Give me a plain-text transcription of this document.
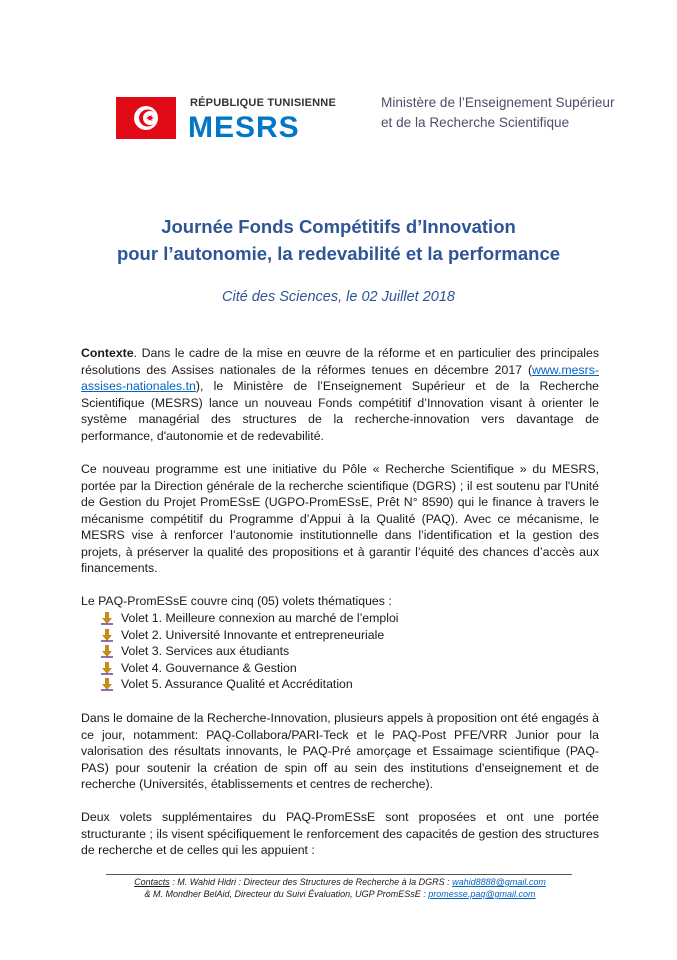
RÉPUBLIQUE TUNISIENNE
MESRS
Ministère de l’Enseignement Supérieur
et de la Recherche Scientifique
Journée Fonds Compétitifs d’Innovation
pour l’autonomie, la redevabilité et la performance
Cité des Sciences, le 02 Juillet 2018
Contexte. Dans le cadre de la mise en œuvre de la réforme et en particulier des principales résolutions des Assises nationales de la réformes tenues en décembre 2017 (www.mesrs-assises-nationales.tn), le Ministère de l’Enseignement Supérieur et de la Recherche Scientifique (MESRS) lance un nouveau Fonds compétitif d’Innovation visant à orienter le système managérial des structures de la recherche-innovation vers davantage de performance, d'autonomie et de redevabilité.
Ce nouveau programme est une initiative du Pôle « Recherche Scientifique » du MESRS, portée par la Direction générale de la recherche scientifique (DGRS) ; il est soutenu par l'Unité de Gestion du Projet PromESsE (UGPO-PromESsE, Prêt N° 8590) qui le finance à travers le mécanisme compétitif du Programme d’Appui à la Qualité (PAQ). Avec ce mécanisme, le MESRS vise à renforcer l’autonomie institutionnelle dans l’identification et la gestion des projets, à préserver la qualité des propositions et à garantir l’équité des chances d’accès aux financements.
Le PAQ-PromESsE couvre cinq (05) volets thématiques :
Volet 1. Meilleure connexion au marché de l’emploi
Volet 2. Université Innovante et entrepreneuriale
Volet 3. Services aux étudiants
Volet 4. Gouvernance & Gestion
Volet 5. Assurance Qualité et Accréditation
Dans le domaine de la Recherche-Innovation, plusieurs appels à proposition ont été engagés à ce jour, notamment: PAQ-Collabora/PARI-Teck et le PAQ-Post PFE/VRR Junior pour la valorisation des résultats innovants, le PAQ-Pré amorçage et Essaimage scientifique (PAQ-PAS) pour soutenir la création de spin off au sein des institutions d'enseignement et de recherche (Universités, établissements et centres de recherche).
Deux volets supplémentaires du PAQ-PromESsE sont proposées et ont une portée structurante ; ils visent spécifiquement le renforcement des capacités de gestion des structures de recherche et de celles qui les appuient :
Contacts : M. Wahid Hidri : Directeur des Structures de Recherche à la DGRS : wahid8888@gmail.com
& M. Mondher BelAid, Directeur du Suivi Évaluation, UGP PromESsE : promesse.paq@gmail.com
